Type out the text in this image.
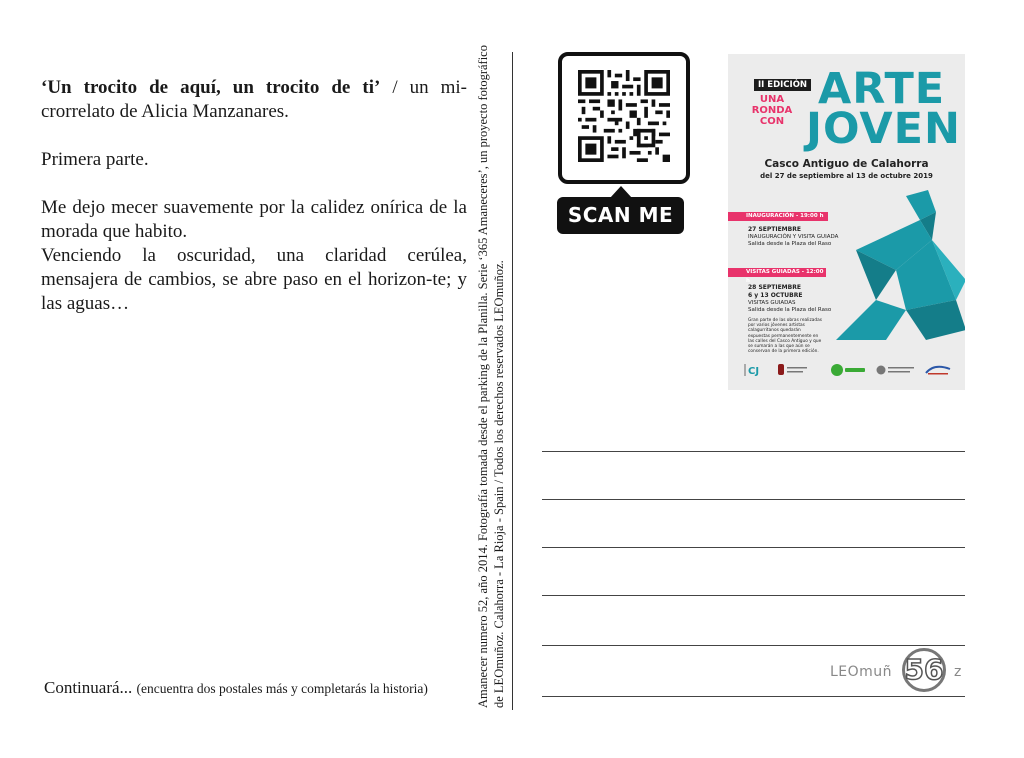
‘Un trocito de aquí, un trocito de ti’ / un mi-crorrelato de Alicia Manzanares.

Primera parte.

Me dejo mecer suavemente por la calidez onírica de la morada que habito.

Venciendo la oscuridad, una claridad cerúlea, mensajera de cambios, se abre paso en el horizon-te; y las aguas…

Continuará... (encuentra dos postales más y completarás la historia)	Amanecer numero 52, año 2014. Fotografía tomada desde el parking de la Planilla. Serie ‘365 Amaneceres’, un proyecto fotográfico de LEOmuñoz. Calahorra - La Rioja - Spain / Todos los derechos reservados LEOmuñoz.
SCAN ME
II EDICIÓN
UNA RONDA CON
ARTE
JOVEN
Casco Antiguo de Calahorra
del 27 de septiembre al 13 de octubre 2019
INAUGURACIÓN - 19:00 h
27 SEPTIEMBRE
INAUGURACIÓN Y VISITA GUIADA
Salida desde la Plaza del Raso
VISITAS GUIADAS - 12:00 h
28 SEPTIEMBRE
6 y 13 OCTUBRE
VISITAS GUIADAS
Salida desde la Plaza del Raso
Gran parte de las obras realizadas por varios jóvenes artistas calagurritanos quedarán expuestas permanentemente en las calles del Casco Antiguo y que se sumarán a las que aún se conservan de la primera edición.
CJ
LEOmuñ 56 z
